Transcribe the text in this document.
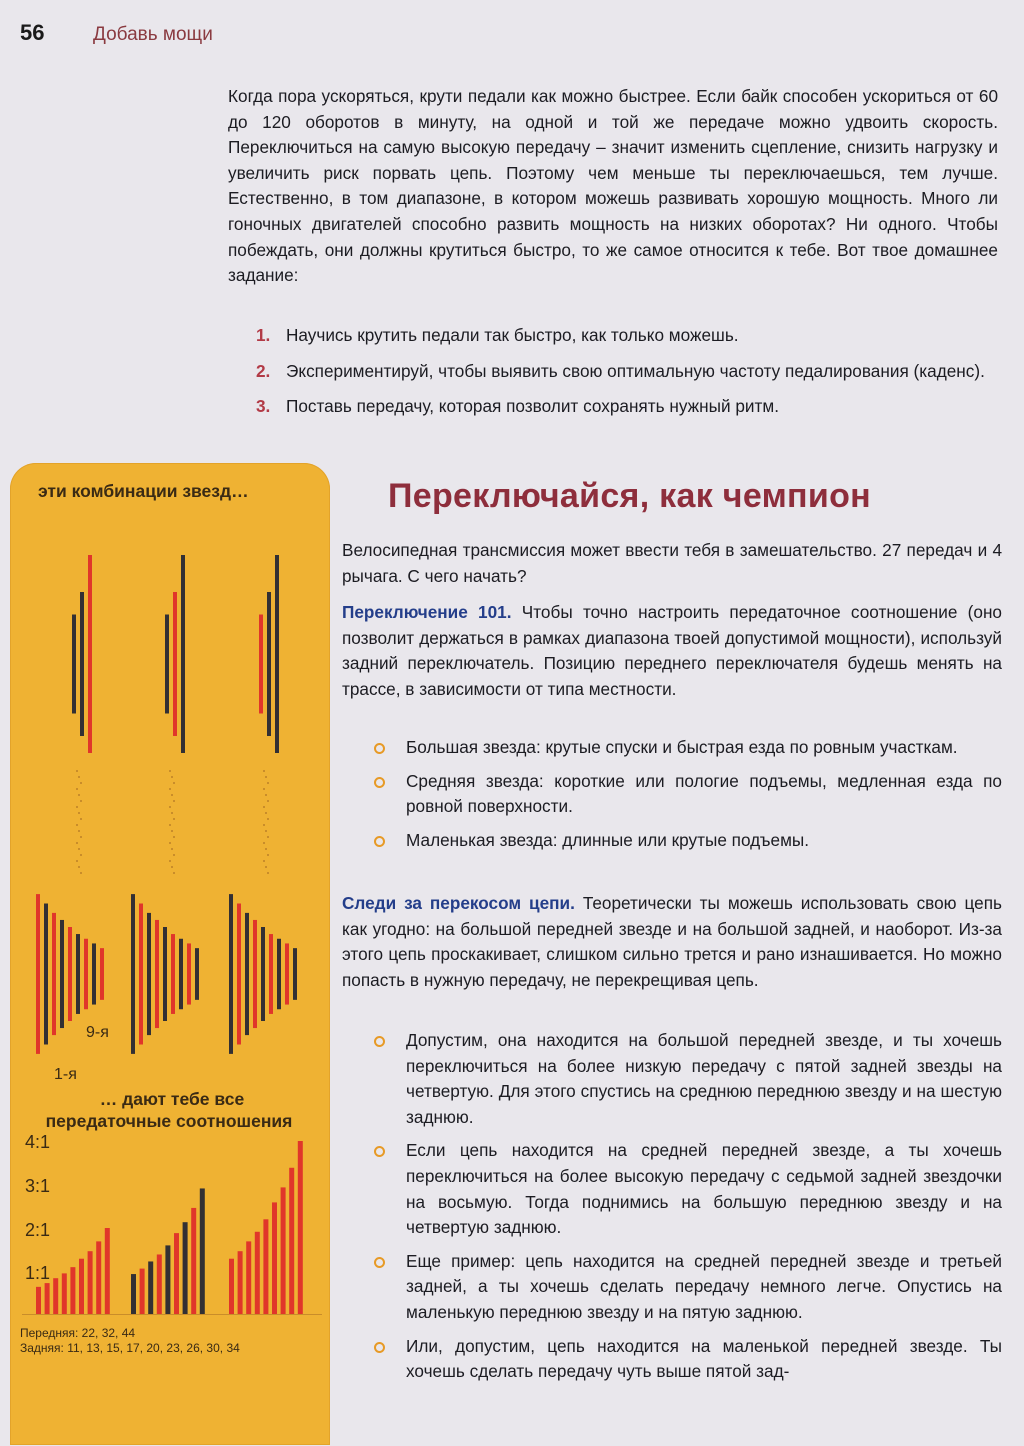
56	Добавь мощи
Когда пора ускоряться, крути педали как можно быстрее. Если байк способен ускориться от 60 до 120 оборотов в минуту, на одной и той же передаче можно удвоить скорость. Переключиться на самую высокую передачу – значит изменить сцепление, снизить нагрузку и увеличить риск порвать цепь. Поэтому чем меньше ты переключаешься, тем лучше. Естественно, в том диапазоне, в котором можешь развивать хорошую мощность. Много ли гоночных двигателей способно развить мощность на низких оборотах? Ни одного. Чтобы побеждать, они должны крутиться быстро, то же самое относится к тебе. Вот твое домашнее задание:
1. Научись крутить педали так быстро, как только можешь.
2. Экспериментируй, чтобы выявить свою оптимальную частоту педалирования (каденс).
3. Поставь передачу, которая позволит сохранять нужный ритм.
эти комбинации звезд…
9-я
1-я
… дают тебе все
передаточные соотношения
4:1
3:1
2:1
1:1
Передняя: 22, 32, 44
Задняя: 11, 13, 15, 17, 20, 23, 26, 30, 34
Переключайся, как чемпион
Велосипедная трансмиссия может ввести тебя в замешательство. 27 передач и 4 рычага. С чего начать?
Переключение 101. Чтобы точно настроить передаточное соотношение (оно позволит держаться в рамках диапазона твоей допустимой мощности), используй задний переключатель. Позицию переднего переключателя будешь менять на трассе, в зависимости от типа местности.
Большая звезда: крутые спуски и быстрая езда по ровным участкам.
Средняя звезда: короткие или пологие подъемы, медленная езда по ровной поверхности.
Маленькая звезда: длинные или крутые подъемы.
Следи за перекосом цепи. Теоретически ты можешь использовать свою цепь как угодно: на большой передней звезде и на большой задней, и наоборот. Из-за этого цепь проскакивает, слишком сильно трется и рано изнашивается. Но можно попасть в нужную передачу, не перекрещивая цепь.
Допустим, она находится на большой передней звезде, и ты хочешь переключиться на более низкую передачу с пятой задней звезды на четвертую. Для этого спустись на среднюю переднюю звезду и на шестую заднюю.
Если цепь находится на средней передней звезде, а ты хочешь переключиться на более высокую передачу с седьмой задней звездочки на восьмую. Тогда поднимись на большую переднюю звезду и на четвертую заднюю.
Еще пример: цепь находится на средней передней звезде и третьей задней, а ты хочешь сделать передачу немного легче. Опустись на маленькую переднюю звезду и на пятую заднюю.
Или, допустим, цепь находится на маленькой передней звезде. Ты хочешь сделать передачу чуть выше пятой зад-
